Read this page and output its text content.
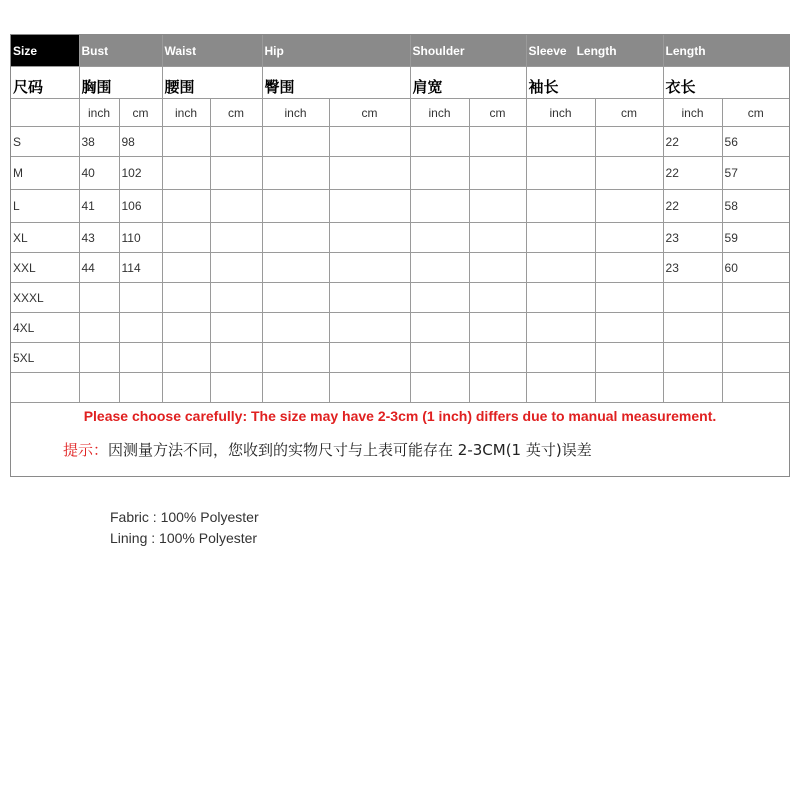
Size	Bust		Waist		Hip		Shoulder		Sleeve   Length		Length	
尺码	胸围		腰围		臀围		肩宽		袖长		衣长	
	inch	cm	inch	cm	inch	cm	inch	cm	inch	cm	inch	cm
S	38	98									22	56
M	40	102									22	57
L	41	106									22	58
XL	43	110									23	59
XXL	44	114									23	60
XXXL												
4XL												
5XL												

Please choose carefully: The size may have 2-3cm (1 inch) differs due to manual measurement.
提示：因测量方法不同，您收到的实物尺寸与上表可能存在 2-3CM(1 英寸)误差
Fabric : 100% Polyester
Lining : 100% Polyester
